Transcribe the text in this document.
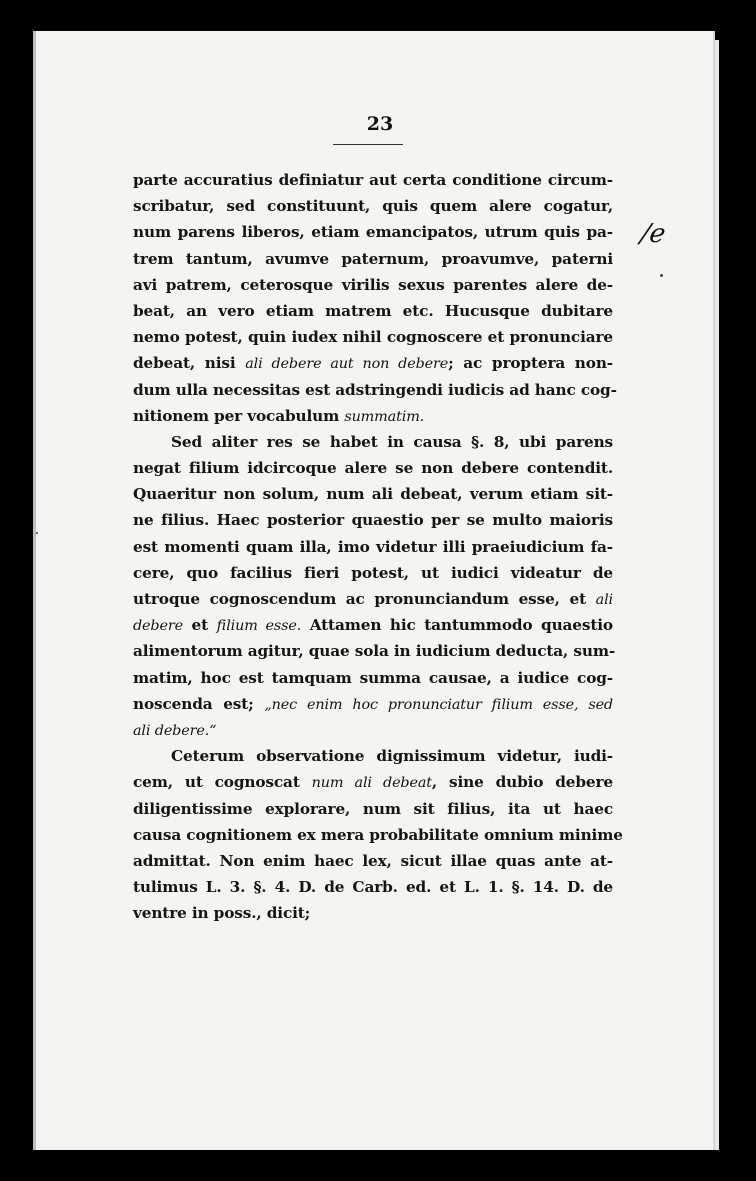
23
/e
parte accuratius definiatur aut certa conditione circum-
scribatur, sed constituunt, quis quem alere cogatur,
num parens liberos, etiam emancipatos, utrum quis pa-
trem tantum, avumve paternum, proavumve, paterni
avi patrem, ceterosque virilis sexus parentes alere de-
beat, an vero etiam matrem etc. Hucusque dubitare
nemo potest, quin iudex nihil cognoscere et pronunciare
debeat, nisi ali debere aut non debere; ac proptera non-
dum ulla necessitas est adstringendi iudicis ad hanc cog-
nitionem per vocabulum summatim.
Sed aliter res se habet in causa §. 8, ubi parens
negat filium idcircoque alere se non debere contendit.
Quaeritur non solum, num ali debeat, verum etiam sit-
ne filius. Haec posterior quaestio per se multo maioris
est momenti quam illa, imo videtur illi praeiudicium fa-
cere, quo facilius fieri potest, ut iudici videatur de
utroque cognoscendum ac pronunciandum esse, et ali
debere et filium esse. Attamen hic tantummodo quaestio
alimentorum agitur, quae sola in iudicium deducta, sum-
matim, hoc est tamquam summa causae, a iudice cog-
noscenda est; „nec enim hoc pronunciatur filium esse, sed
ali debere.“
Ceterum observatione dignissimum videtur, iudi-
cem, ut cognoscat num ali debeat, sine dubio debere
diligentissime explorare, num sit filius, ita ut haec
causa cognitionem ex mera probabilitate omnium minime
admittat. Non enim haec lex, sicut illae quas ante at-
tulimus L. 3. §. 4. D. de Carb. ed. et L. 1. §. 14. D. de
ventre in poss., dicit;
